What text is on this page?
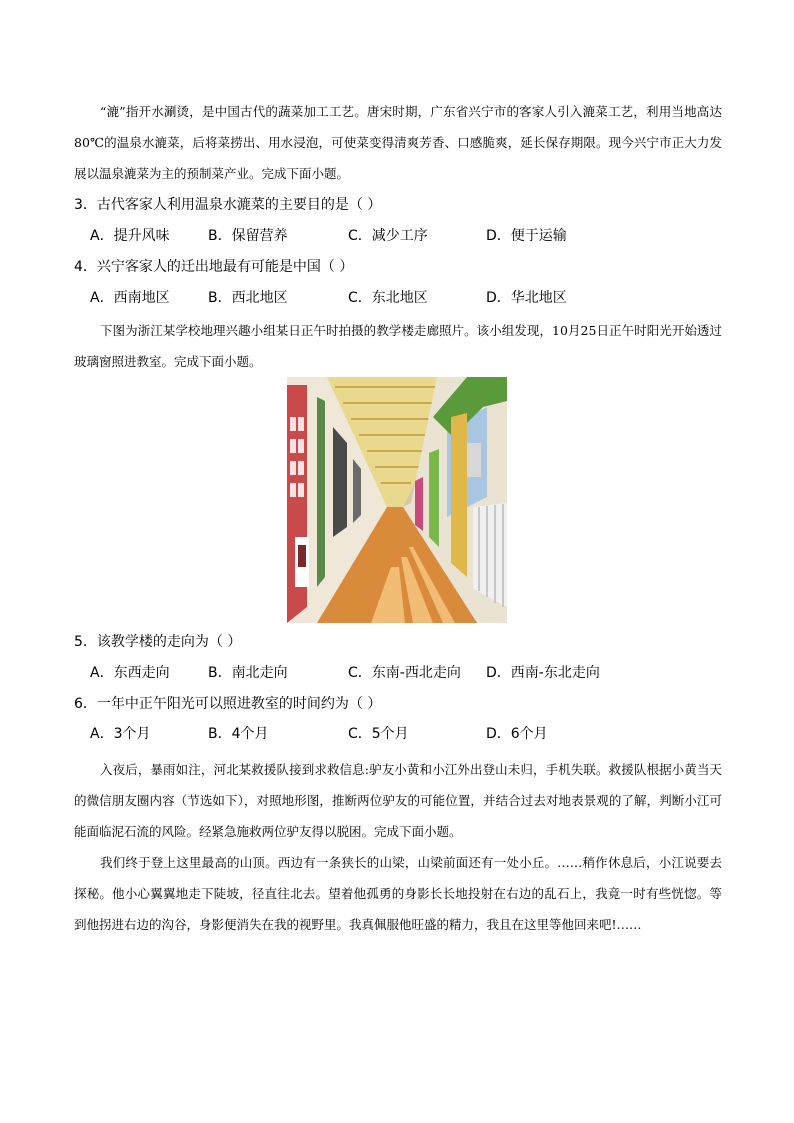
“漉”指开水涮烫，是中国古代的蔬菜加工工艺。唐宋时期，广东省兴宁市的客家人引入漉菜工艺，利用当地高达80℃的温泉水漉菜，后将菜捞出、用水浸泡，可使菜变得清爽芳香、口感脆爽，延长保存期限。现今兴宁市正大力发展以温泉漉菜为主的预制菜产业。完成下面小题。

3．古代客家人利用温泉水漉菜的主要目的是（ ）

A．提升风味	B．保留营养	C．减少工序	D．便于运输

4．兴宁客家人的迁出地最有可能是中国（ ）

A．西南地区	B．西北地区	C．东北地区	D．华北地区

下图为浙江某学校地理兴趣小组某日正午时拍摄的教学楼走廊照片。该小组发现，10月25日正午时阳光开始透过玻璃窗照进教室。完成下面小题。

5．该教学楼的走向为（ ）

A．东西走向	B．南北走向	C．东南-西北走向 D．西南-东北走向

6．一年中正午阳光可以照进教室的时间约为（ ）

A．3个月	B．4个月	C．5个月	D．6个月

入夜后，暴雨如注，河北某救援队接到求救信息:驴友小黄和小江外出登山未归，手机失联。救援队根据小黄当天的微信朋友圈内容（节选如下），对照地形图，推断两位驴友的可能位置，并结合过去对地表景观的了解，判断小江可能面临泥石流的风险。经紧急施救两位驴友得以脱困。完成下面小题。

我们终于登上这里最高的山顶。西边有一条狭长的山梁，山梁前面还有一处小丘。……稍作休息后，小江说要去探秘。他小心翼翼地走下陡坡，径直往北去。望着他孤勇的身影长长地投射在右边的乱石上，我竟一时有些恍惚。等到他拐进右边的沟谷，身影便消失在我的视野里。我真佩服他旺盛的精力，我且在这里等他回来吧!……
